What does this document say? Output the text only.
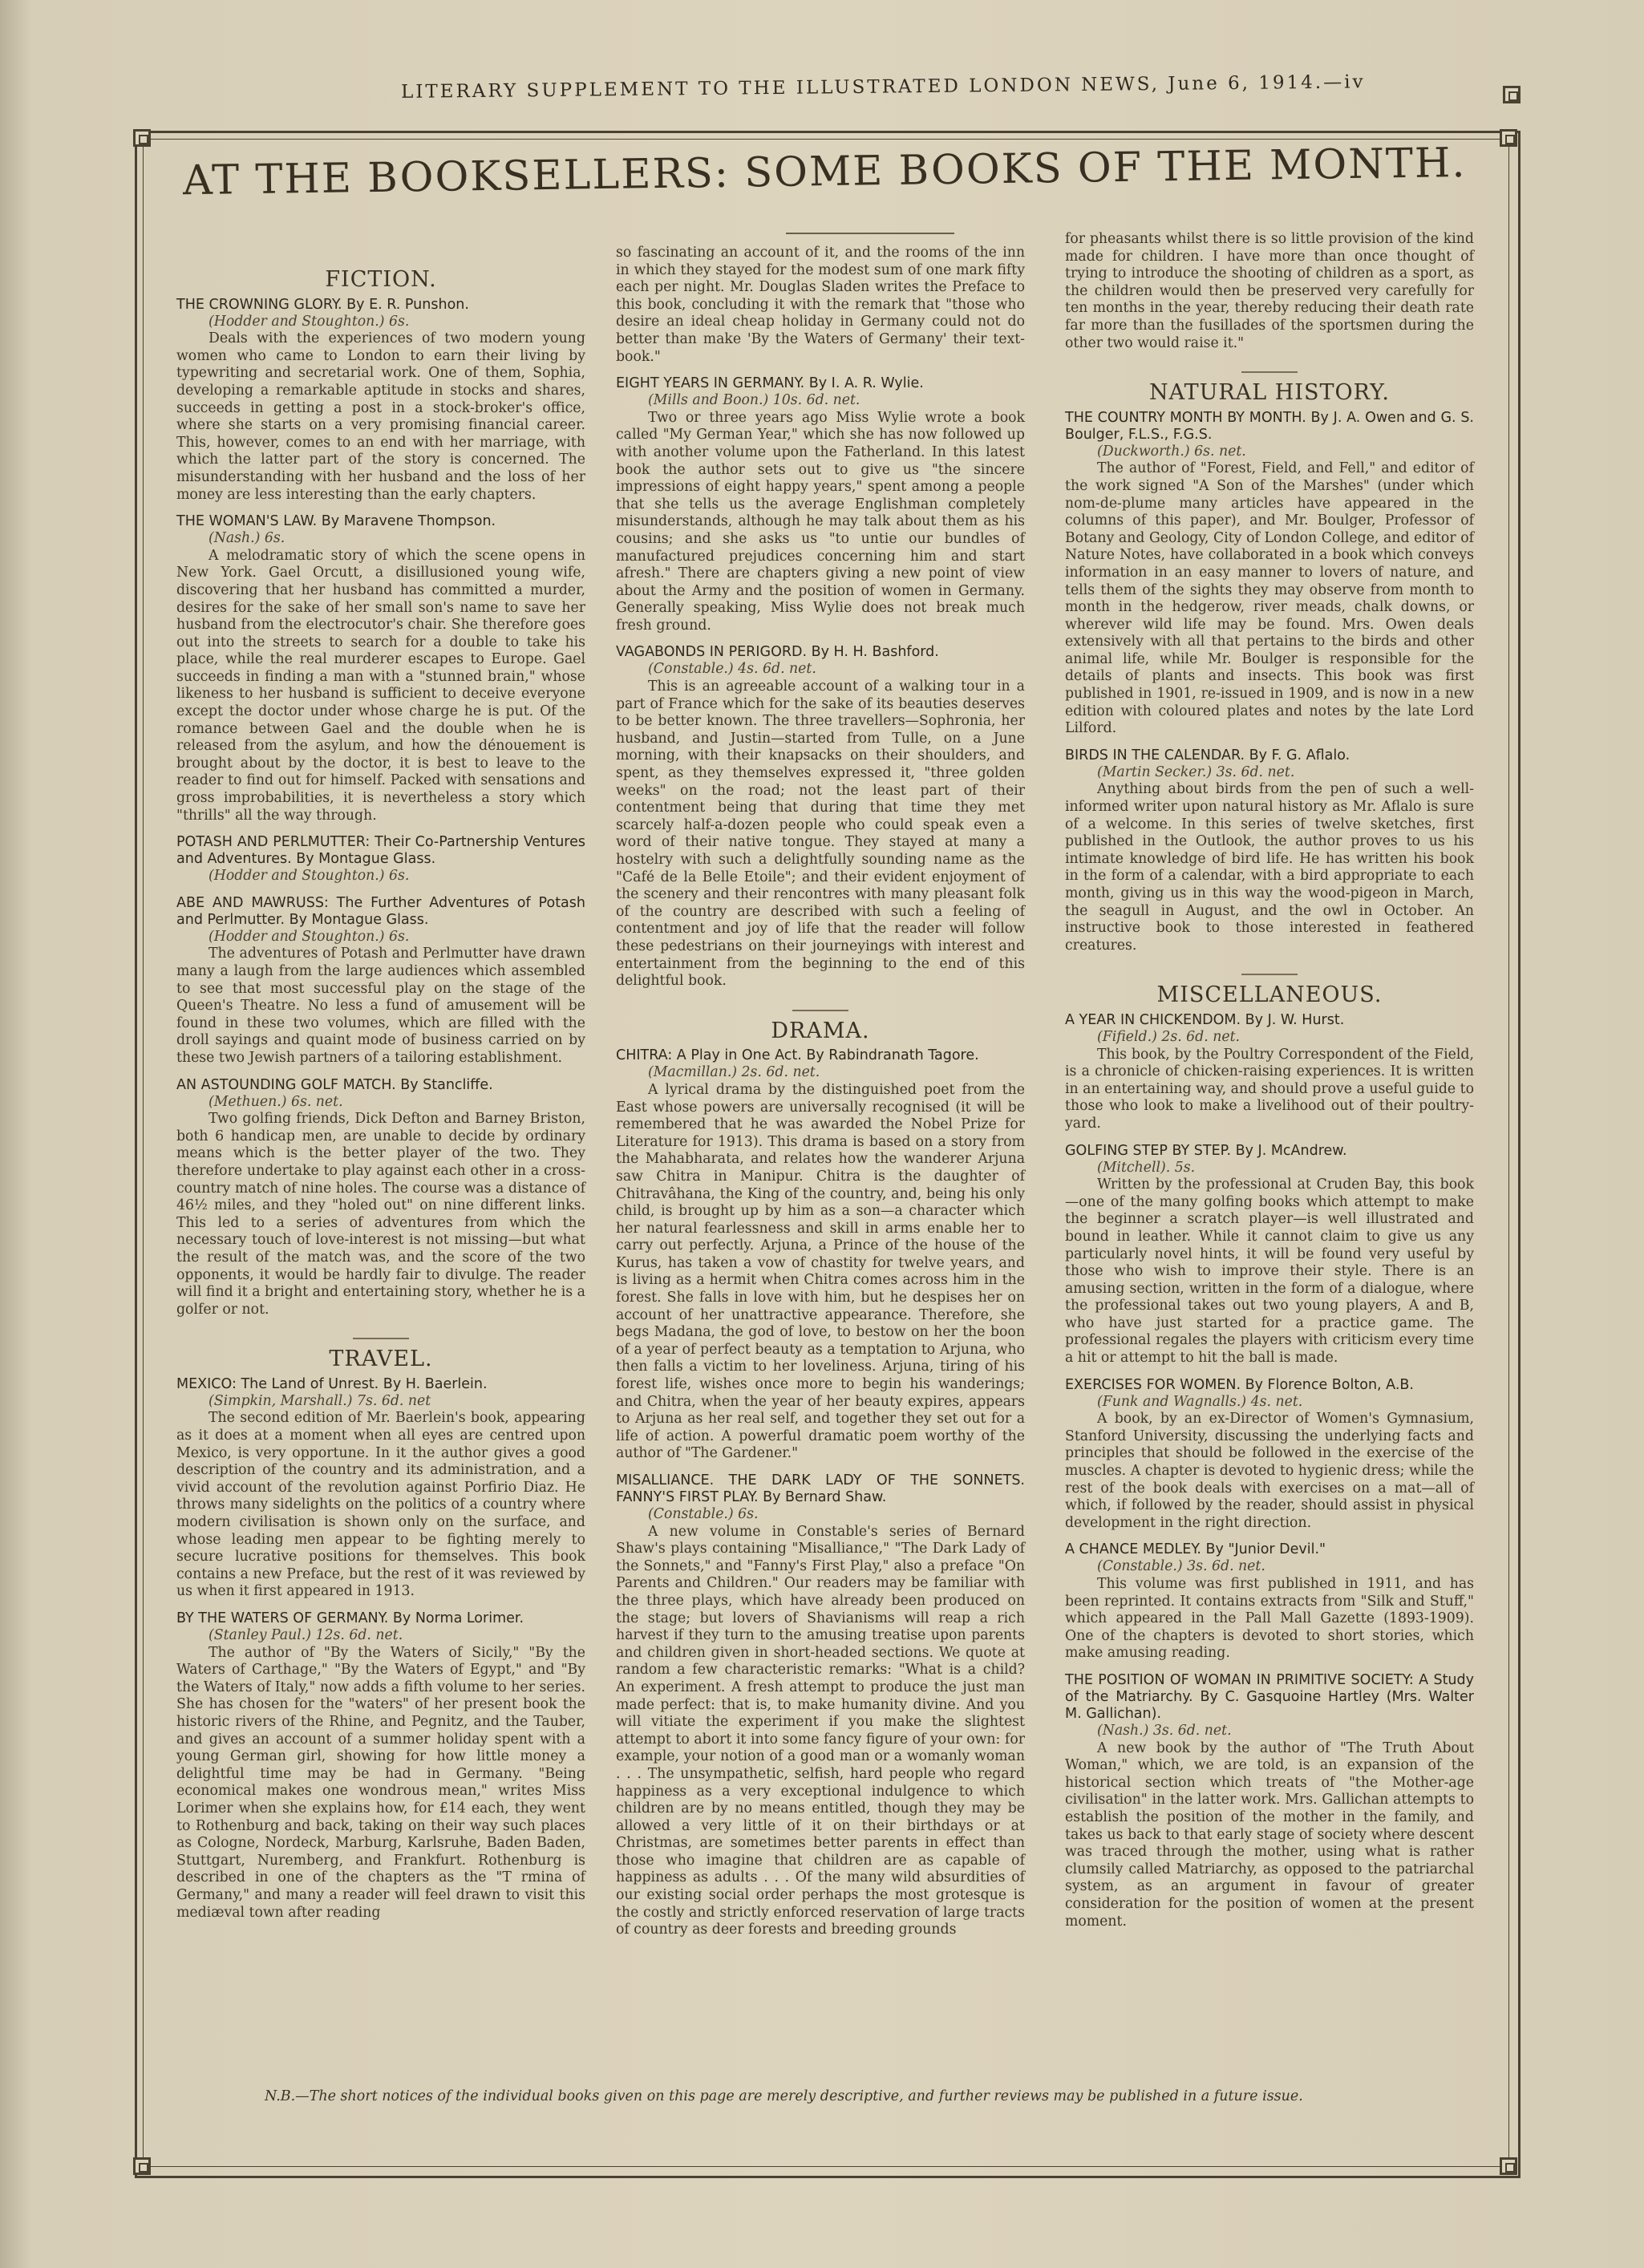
LITERARY SUPPLEMENT TO THE ILLUSTRATED LONDON NEWS, June 6, 1914.—iv
AT THE BOOKSELLERS: SOME BOOKS OF THE MONTH.
FICTION.
THE CROWNING GLORY. By E. R. Punshon.
(Hodder and Stoughton.) 6s.
Deals with the experiences of two modern young women who came to London to earn their living by typewriting and secretarial work. One of them, Sophia, developing a remarkable aptitude in stocks and shares, succeeds in getting a post in a stock-broker's office, where she starts on a very promising financial career. This, however, comes to an end with her marriage, with which the latter part of the story is concerned. The misunderstanding with her husband and the loss of her money are less interesting than the early chapters.
THE WOMAN'S LAW. By Maravene Thompson.
(Nash.) 6s.
A melodramatic story of which the scene opens in New York. Gael Orcutt, a disillusioned young wife, discovering that her husband has committed a murder, desires for the sake of her small son's name to save her husband from the electrocutor's chair. She therefore goes out into the streets to search for a double to take his place, while the real murderer escapes to Europe. Gael succeeds in finding a man with a "stunned brain," whose likeness to her husband is sufficient to deceive everyone except the doctor under whose charge he is put. Of the romance between Gael and the double when he is released from the asylum, and how the dénouement is brought about by the doctor, it is best to leave to the reader to find out for himself. Packed with sensations and gross improbabilities, it is nevertheless a story which "thrills" all the way through.
POTASH AND PERLMUTTER: Their Co-Partnership Ventures and Adventures. By Montague Glass.
(Hodder and Stoughton.) 6s.
ABE AND MAWRUSS: The Further Adventures of Potash and Perlmutter. By Montague Glass.
(Hodder and Stoughton.) 6s.
The adventures of Potash and Perlmutter have drawn many a laugh from the large audiences which assembled to see that most successful play on the stage of the Queen's Theatre. No less a fund of amusement will be found in these two volumes, which are filled with the droll sayings and quaint mode of business carried on by these two Jewish partners of a tailoring establishment.
AN ASTOUNDING GOLF MATCH. By Stancliffe.
(Methuen.) 6s. net.
Two golfing friends, Dick Defton and Barney Briston, both 6 handicap men, are unable to decide by ordinary means which is the better player of the two. They therefore undertake to play against each other in a cross-country match of nine holes. The course was a distance of 46½ miles, and they "holed out" on nine different links. This led to a series of adventures from which the necessary touch of love-interest is not missing—but what the result of the match was, and the score of the two opponents, it would be hardly fair to divulge. The reader will find it a bright and entertaining story, whether he is a golfer or not.
TRAVEL.
MEXICO: The Land of Unrest. By H. Baerlein.
(Simpkin, Marshall.) 7s. 6d. net
The second edition of Mr. Baerlein's book, appearing as it does at a moment when all eyes are centred upon Mexico, is very opportune. In it the author gives a good description of the country and its administration, and a vivid account of the revolution against Porfirio Diaz. He throws many sidelights on the politics of a country where modern civilisation is shown only on the surface, and whose leading men appear to be fighting merely to secure lucrative positions for themselves. This book contains a new Preface, but the rest of it was reviewed by us when it first appeared in 1913.
BY THE WATERS OF GERMANY. By Norma Lorimer.
(Stanley Paul.) 12s. 6d. net.
The author of "By the Waters of Sicily," "By the Waters of Carthage," "By the Waters of Egypt," and "By the Waters of Italy," now adds a fifth volume to her series. She has chosen for the "waters" of her present book the historic rivers of the Rhine, and Pegnitz, and the Tauber, and gives an account of a summer holiday spent with a young German girl, showing for how little money a delightful time may be had in Germany. "Being economical makes one wondrous mean," writes Miss Lorimer when she explains how, for £14 each, they went to Rothenburg and back, taking on their way such places as Cologne, Nordeck, Marburg, Karlsruhe, Baden Baden, Stuttgart, Nuremberg, and Frankfurt. Rothenburg is described in one of the chapters as the "T rmina of Germany," and many a reader will feel drawn to visit this mediæval town after reading
so fascinating an account of it, and the rooms of the inn in which they stayed for the modest sum of one mark fifty each per night. Mr. Douglas Sladen writes the Preface to this book, concluding it with the remark that "those who desire an ideal cheap holiday in Germany could not do better than make 'By the Waters of Germany' their text-book."
EIGHT YEARS IN GERMANY. By I. A. R. Wylie.
(Mills and Boon.) 10s. 6d. net.
Two or three years ago Miss Wylie wrote a book called "My German Year," which she has now followed up with another volume upon the Fatherland. In this latest book the author sets out to give us "the sincere impressions of eight happy years," spent among a people that she tells us the average Englishman completely misunderstands, although he may talk about them as his cousins; and she asks us "to untie our bundles of manufactured prejudices concerning him and start afresh." There are chapters giving a new point of view about the Army and the position of women in Germany. Generally speaking, Miss Wylie does not break much fresh ground.
VAGABONDS IN PERIGORD. By H. H. Bashford.
(Constable.) 4s. 6d. net.
This is an agreeable account of a walking tour in a part of France which for the sake of its beauties deserves to be better known. The three travellers—Sophronia, her husband, and Justin—started from Tulle, on a June morning, with their knapsacks on their shoulders, and spent, as they themselves expressed it, "three golden weeks" on the road; not the least part of their contentment being that during that time they met scarcely half-a-dozen people who could speak even a word of their native tongue. They stayed at many a hostelry with such a delightfully sounding name as the "Café de la Belle Etoile"; and their evident enjoyment of the scenery and their rencontres with many pleasant folk of the country are described with such a feeling of contentment and joy of life that the reader will follow these pedestrians on their journeyings with interest and entertainment from the beginning to the end of this delightful book.
DRAMA.
CHITRA: A Play in One Act. By Rabindranath Tagore.
(Macmillan.) 2s. 6d. net.
A lyrical drama by the distinguished poet from the East whose powers are universally recognised (it will be remembered that he was awarded the Nobel Prize for Literature for 1913). This drama is based on a story from the Mahabharata, and relates how the wanderer Arjuna saw Chitra in Manipur. Chitra is the daughter of Chitravâhana, the King of the country, and, being his only child, is brought up by him as a son—a character which her natural fearlessness and skill in arms enable her to carry out perfectly. Arjuna, a Prince of the house of the Kurus, has taken a vow of chastity for twelve years, and is living as a hermit when Chitra comes across him in the forest. She falls in love with him, but he despises her on account of her unattractive appearance. Therefore, she begs Madana, the god of love, to bestow on her the boon of a year of perfect beauty as a temptation to Arjuna, who then falls a victim to her loveliness. Arjuna, tiring of his forest life, wishes once more to begin his wanderings; and Chitra, when the year of her beauty expires, appears to Arjuna as her real self, and together they set out for a life of action. A powerful dramatic poem worthy of the author of "The Gardener."
MISALLIANCE. THE DARK LADY OF THE SONNETS. FANNY'S FIRST PLAY. By Bernard Shaw.
(Constable.) 6s.
A new volume in Constable's series of Bernard Shaw's plays containing "Misalliance," "The Dark Lady of the Sonnets," and "Fanny's First Play," also a preface "On Parents and Children." Our readers may be familiar with the three plays, which have already been produced on the stage; but lovers of Shavianisms will reap a rich harvest if they turn to the amusing treatise upon parents and children given in short-headed sections. We quote at random a few characteristic remarks: "What is a child? An experiment. A fresh attempt to produce the just man made perfect: that is, to make humanity divine. And you will vitiate the experiment if you make the slightest attempt to abort it into some fancy figure of your own: for example, your notion of a good man or a womanly woman . . . The unsympathetic, selfish, hard people who regard happiness as a very exceptional indulgence to which children are by no means entitled, though they may be allowed a very little of it on their birthdays or at Christmas, are sometimes better parents in effect than those who imagine that children are as capable of happiness as adults . . . Of the many wild absurdities of our existing social order perhaps the most grotesque is the costly and strictly enforced reservation of large tracts of country as deer forests and breeding grounds
for pheasants whilst there is so little provision of the kind made for children. I have more than once thought of trying to introduce the shooting of children as a sport, as the children would then be preserved very carefully for ten months in the year, thereby reducing their death rate far more than the fusillades of the sportsmen during the other two would raise it."
NATURAL HISTORY.
THE COUNTRY MONTH BY MONTH. By J. A. Owen and G. S. Boulger, F.L.S., F.G.S.
(Duckworth.) 6s. net.
The author of "Forest, Field, and Fell," and editor of the work signed "A Son of the Marshes" (under which nom-de-plume many articles have appeared in the columns of this paper), and Mr. Boulger, Professor of Botany and Geology, City of London College, and editor of Nature Notes, have collaborated in a book which conveys information in an easy manner to lovers of nature, and tells them of the sights they may observe from month to month in the hedgerow, river meads, chalk downs, or wherever wild life may be found. Mrs. Owen deals extensively with all that pertains to the birds and other animal life, while Mr. Boulger is responsible for the details of plants and insects. This book was first published in 1901, re-issued in 1909, and is now in a new edition with coloured plates and notes by the late Lord Lilford.
BIRDS IN THE CALENDAR. By F. G. Aflalo.
(Martin Secker.) 3s. 6d. net.
Anything about birds from the pen of such a well-informed writer upon natural history as Mr. Aflalo is sure of a welcome. In this series of twelve sketches, first published in the Outlook, the author proves to us his intimate knowledge of bird life. He has written his book in the form of a calendar, with a bird appropriate to each month, giving us in this way the wood-pigeon in March, the seagull in August, and the owl in October. An instructive book to those interested in feathered creatures.
MISCELLANEOUS.
A YEAR IN CHICKENDOM. By J. W. Hurst.
(Fifield.) 2s. 6d. net.
This book, by the Poultry Correspondent of the Field, is a chronicle of chicken-raising experiences. It is written in an entertaining way, and should prove a useful guide to those who look to make a livelihood out of their poultry-yard.
GOLFING STEP BY STEP. By J. McAndrew.
(Mitchell). 5s.
Written by the professional at Cruden Bay, this book—one of the many golfing books which attempt to make the beginner a scratch player—is well illustrated and bound in leather. While it cannot claim to give us any particularly novel hints, it will be found very useful by those who wish to improve their style. There is an amusing section, written in the form of a dialogue, where the professional takes out two young players, A and B, who have just started for a practice game. The professional regales the players with criticism every time a hit or attempt to hit the ball is made.
EXERCISES FOR WOMEN. By Florence Bolton, A.B.
(Funk and Wagnalls.) 4s. net.
A book, by an ex-Director of Women's Gymnasium, Stanford University, discussing the underlying facts and principles that should be followed in the exercise of the muscles. A chapter is devoted to hygienic dress; while the rest of the book deals with exercises on a mat—all of which, if followed by the reader, should assist in physical development in the right direction.
A CHANCE MEDLEY. By "Junior Devil."
(Constable.) 3s. 6d. net.
This volume was first published in 1911, and has been reprinted. It contains extracts from "Silk and Stuff," which appeared in the Pall Mall Gazette (1893-1909). One of the chapters is devoted to short stories, which make amusing reading.
THE POSITION OF WOMAN IN PRIMITIVE SOCIETY: A Study of the Matriarchy. By C. Gasquoine Hartley (Mrs. Walter M. Gallichan).
(Nash.) 3s. 6d. net.
A new book by the author of "The Truth About Woman," which, we are told, is an expansion of the historical section which treats of "the Mother-age civilisation" in the latter work. Mrs. Gallichan attempts to establish the position of the mother in the family, and takes us back to that early stage of society where descent was traced through the mother, using what is rather clumsily called Matriarchy, as opposed to the patriarchal system, as an argument in favour of greater consideration for the position of women at the present moment.
N.B.—The short notices of the individual books given on this page are merely descriptive, and further reviews may be published in a future issue.
